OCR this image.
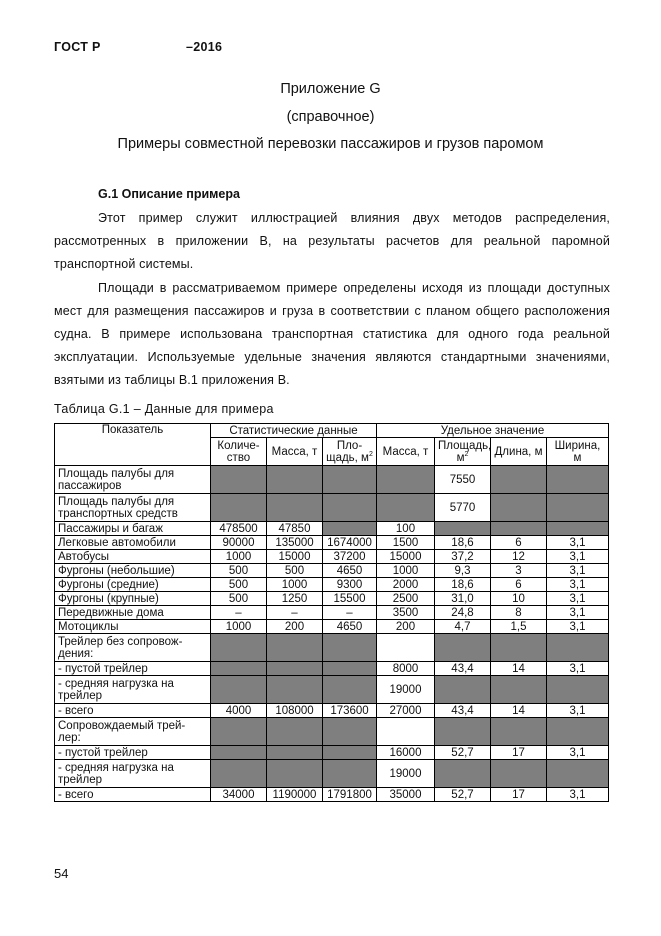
ГОСТ Р	–2016
Приложение G
(справочное)
Примеры совместной перевозки пассажиров и грузов паромом
G.1 Описание примера
Этот пример служит иллюстрацией влияния двух методов распределения, рассмотренных в приложении B, на результаты расчетов для реальной паромной транспортной системы.
Площади в рассматриваемом примере определены исходя из площади доступных мест для размещения пассажиров и груза в соответствии с планом общего расположения судна. В примере использована транспортная статистика для одного года реальной эксплуатации. Используемые удельные значения являются стандартными значениями, взятыми из таблицы B.1 приложения B.
Таблица G.1 – Данные для примера
Показатель	Статистические данные			Удельное значение			
	Количе-ство	Масса, т	Пло-щадь, $м^2$	Масса, т	Площадь, $м^2$	Длина, м	Ширина, м
Площадь палубы для пассажиров					7550		
Площадь палубы для транспортных средств					5770		
Пассажиры и багаж	478500	47850		100			
Легковые автомобили	90000	135000	1674000	1500	18,6	6	3,1
Автобусы	1000	15000	37200	15000	37,2	12	3,1
Фургоны (небольшие)	500	500	4650	1000	9,3	3	3,1
Фургоны (средние)	500	1000	9300	2000	18,6	6	3,1
Фургоны (крупные)	500	1250	15500	2500	31,0	10	3,1
Передвижные дома	–	–	–	3500	24,8	8	3,1
Мотоциклы	1000	200	4650	200	4,7	1,5	3,1
Трейлер без сопровож-дения:							
- пустой трейлер				8000	43,4	14	3,1
- средняя нагрузка на трейлер				19000			
- всего	4000	108000	173600	27000	43,4	14	3,1
Сопровождаемый трей-лер:							
- пустой трейлер				16000	52,7	17	3,1
- средняя нагрузка на трейлер				19000			
- всего	34000	1190000	1791800	35000	52,7	17	3,1
54
